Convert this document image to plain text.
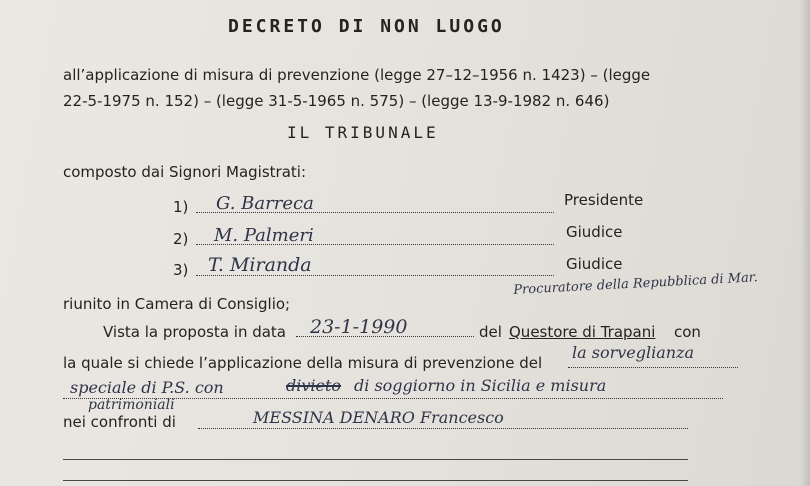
DECRETO DI NON LUOGO
all’applicazione di misura di prevenzione (legge 27–12–1956 n. 1423) – (legge
22-5-1975 n. 152) – (legge 31-5-1965 n. 575) – (legge 13-9-1982 n. 646)
IL TRIBUNALE
composto dai Signori Magistrati:
1) G. Barreca	Presidente
2) M. Palmeri	Giudice
3) T. Miranda	Giudice
riunito in Camera di Consiglio;
Procuratore della Repubblica di Mar.
Vista la proposta in data 23-1-1990	del Questore di Trapani con
la quale si chiede l’applicazione della misura di prevenzione del
la sorveglianza
speciale di P.S. con	divieto di soggiorno in Sicilia e misura
patrimoniali
nei confronti di	MESSINA DENARO Francesco
